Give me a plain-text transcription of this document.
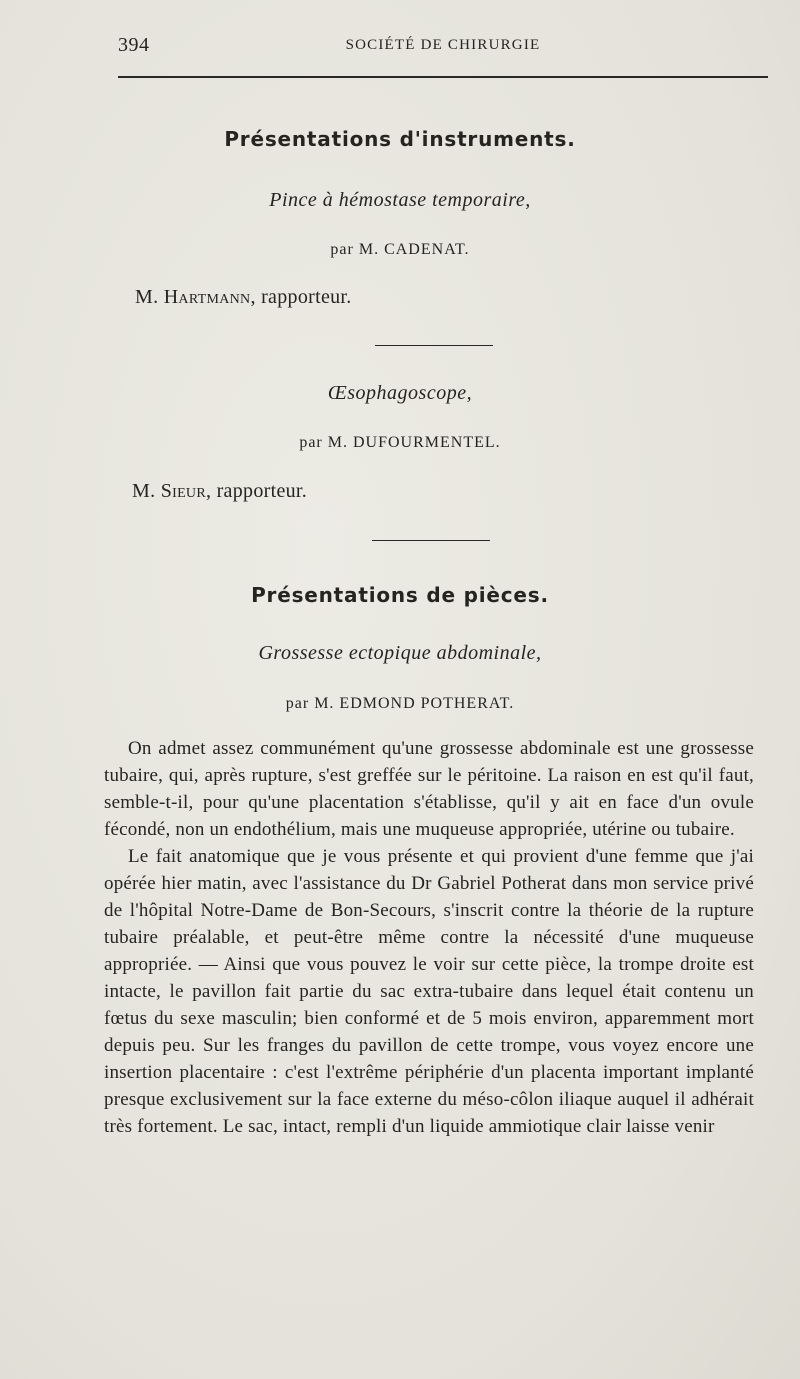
394	SOCIÉTÉ DE CHIRURGIE
Présentations d'instruments.
Pince à hémostase temporaire,
par M. CADENAT.
M. Hartmann, rapporteur.
Œsophagoscope,
par M. DUFOURMENTEL.
M. Sieur, rapporteur.
Présentations de pièces.
Grossesse ectopique abdominale,
par M. EDMOND POTHERAT.

On admet assez communément qu'une grossesse abdominale est une grossesse tubaire, qui, après rupture, s'est greffée sur le péritoine. La raison en est qu'il faut, semble-t-il, pour qu'une placentation s'établisse, qu'il y ait en face d'un ovule fécondé, non un endothélium, mais une muqueuse appropriée, utérine ou tubaire.

Le fait anatomique que je vous présente et qui provient d'une femme que j'ai opérée hier matin, avec l'assistance du Dr Gabriel Potherat dans mon service privé de l'hôpital Notre-Dame de Bon-Secours, s'inscrit contre la théorie de la rupture tubaire préalable, et peut-être même contre la nécessité d'une muqueuse appropriée. — Ainsi que vous pouvez le voir sur cette pièce, la trompe droite est intacte, le pavillon fait partie du sac extra-tubaire dans lequel était contenu un fœtus du sexe masculin; bien conformé et de 5 mois environ, apparemment mort depuis peu. Sur les franges du pavillon de cette trompe, vous voyez encore une insertion placentaire : c'est l'extrême périphérie d'un placenta important implanté presque exclusivement sur la face externe du méso-côlon iliaque auquel il adhérait très fortement. Le sac, intact, rempli d'un liquide ammiotique clair laisse venir
